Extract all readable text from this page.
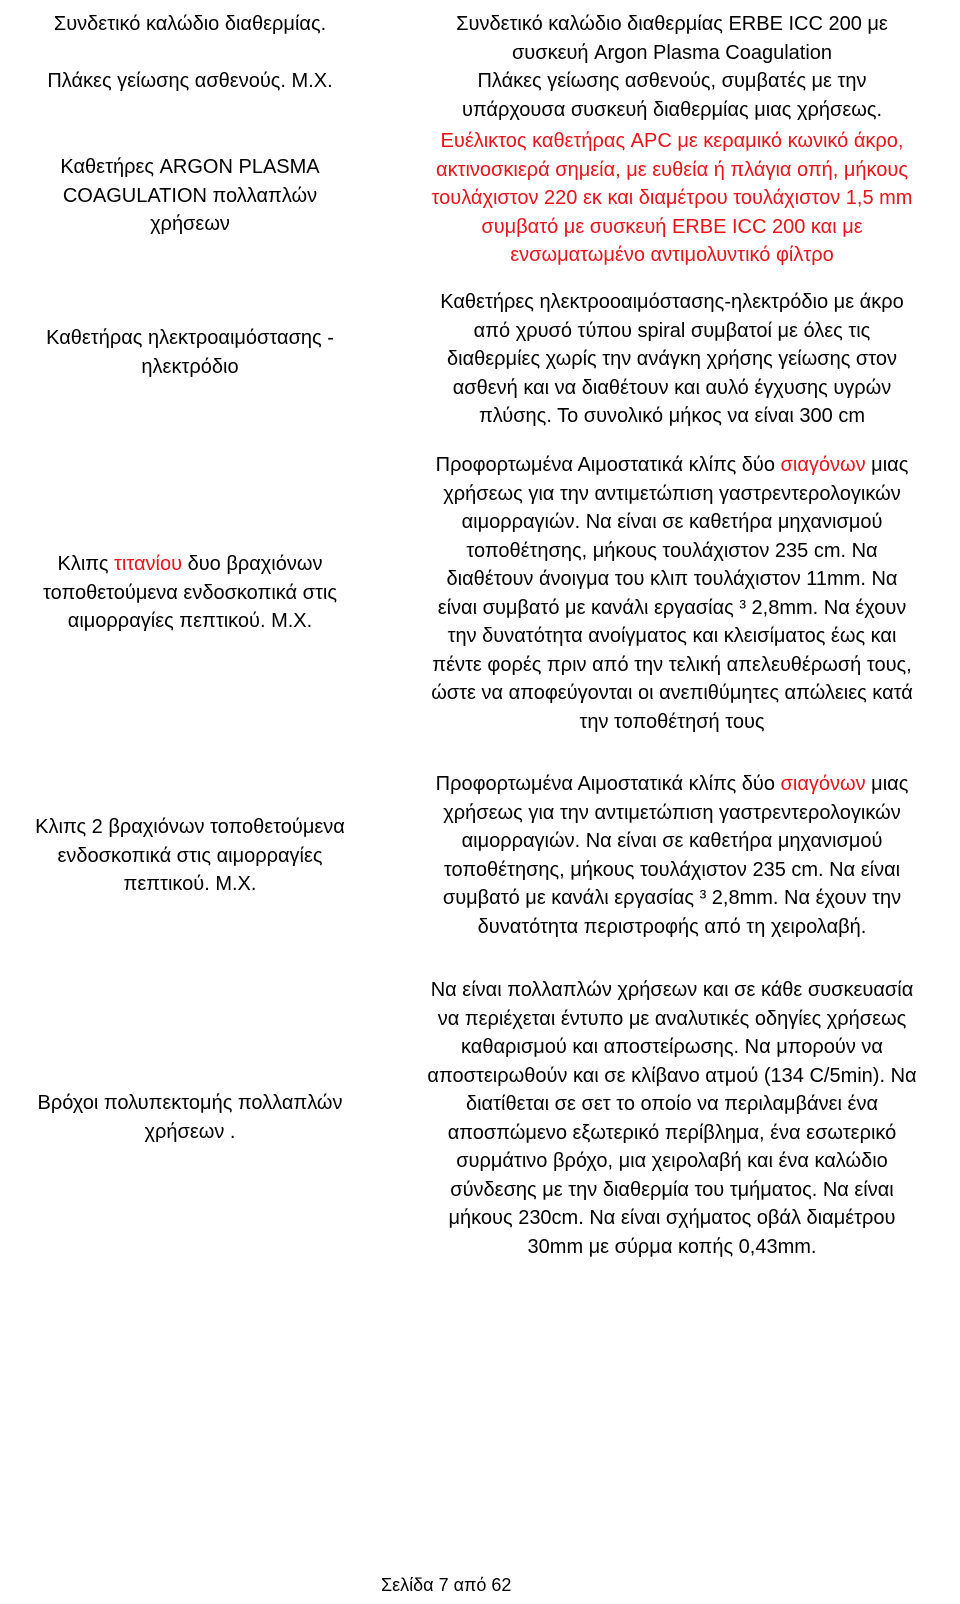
Συνδετικό καλώδιο διαθερμίας.

Πλάκες γείωσης ασθενούς. Μ.Χ.

Συνδετικό καλώδιο διαθερμίας ERBE ICC 200 με

συσκευή Argon Plasma Coagulation

Πλάκες γείωσης ασθενούς, συμβατές με την

υπάρχουσα συσκευή διαθερμίας μιας χρήσεως.

Καθετήρες ARGON PLASMA

COAGULATION πολλαπλών

χρήσεων

Ευέλικτος καθετήρας APC με κεραμικό κωνικό άκρο,

ακτινοσκιερά σημεία, με ευθεία ή πλάγια οπή, μήκους

τουλάχιστον 220 εκ και διαμέτρου τουλάχιστον 1,5 mm

συμβατό με συσκευή ERBE ICC 200 και με

ενσωματωμένο αντιμολυντικό φίλτρο

Καθετήρας ηλεκτροαιμόστασης -

ηλεκτρόδιο

Καθετήρες ηλεκτροοαιμόστασης-ηλεκτρόδιο με άκρο

από χρυσό τύπου spiral συμβατοί με όλες τις

διαθερμίες χωρίς την ανάγκη χρήσης γείωσης στον

ασθενή και να διαθέτουν και αυλό έγχυσης υγρών

πλύσης. Το συνολικό μήκος να είναι 300 cm

Κλιπς τιτανίου δυο βραχιόνων

τοποθετούμενα ενδοσκοπικά στις

αιμορραγίες πεπτικού. Μ.Χ.

Προφορτωμένα Αιμοστατικά κλίπς δύο σιαγόνων μιας

χρήσεως για την αντιμετώπιση γαστρεντερολογικών

αιμορραγιών. Να είναι σε καθετήρα μηχανισμού

τοποθέτησης, μήκους τουλάχιστον 235 cm. Να

διαθέτουν άνοιγμα του κλιπ τουλάχιστον 11mm. Να

είναι συμβατό με κανάλι εργασίας ³ 2,8mm. Να έχουν

την δυνατότητα ανοίγματος και κλεισίματος έως και

πέντε φορές πριν από την τελική απελευθέρωσή τους,

ώστε να αποφεύγονται οι ανεπιθύμητες απώλειες κατά

την τοποθέτησή τους

Κλιπς 2 βραχιόνων τοποθετούμενα

ενδοσκοπικά στις αιμορραγίες

πεπτικού. Μ.Χ.

Προφορτωμένα Αιμοστατικά κλίπς δύο σιαγόνων μιας

χρήσεως για την αντιμετώπιση γαστρεντερολογικών

αιμορραγιών. Να είναι σε καθετήρα μηχανισμού

τοποθέτησης, μήκους τουλάχιστον 235 cm. Να είναι

συμβατό με κανάλι εργασίας ³ 2,8mm. Να έχουν την

δυνατότητα περιστροφής από τη χειρολαβή.

Βρόχοι πολυπεκτομής πολλαπλών

χρήσεων .

Να είναι πολλαπλών χρήσεων και σε κάθε συσκευασία

να περιέχεται έντυπο με αναλυτικές οδηγίες χρήσεως

καθαρισμού και αποστείρωσης. Να μπορούν να

αποστειρωθούν και σε κλίβανο ατμού (134 C/5min). Να

διατίθεται σε σετ το οποίο να περιλαμβάνει ένα

αποσπώμενο εξωτερικό περίβλημα, ένα εσωτερικό

συρμάτινο βρόχο, μια χειρολαβή και ένα καλώδιο

σύνδεσης με την διαθερμία του τμήματος. Να είναι

μήκους 230cm. Να είναι σχήματος οβάλ διαμέτρου

30mm με σύρμα κοπής 0,43mm.

Σελίδα 7 από 62
